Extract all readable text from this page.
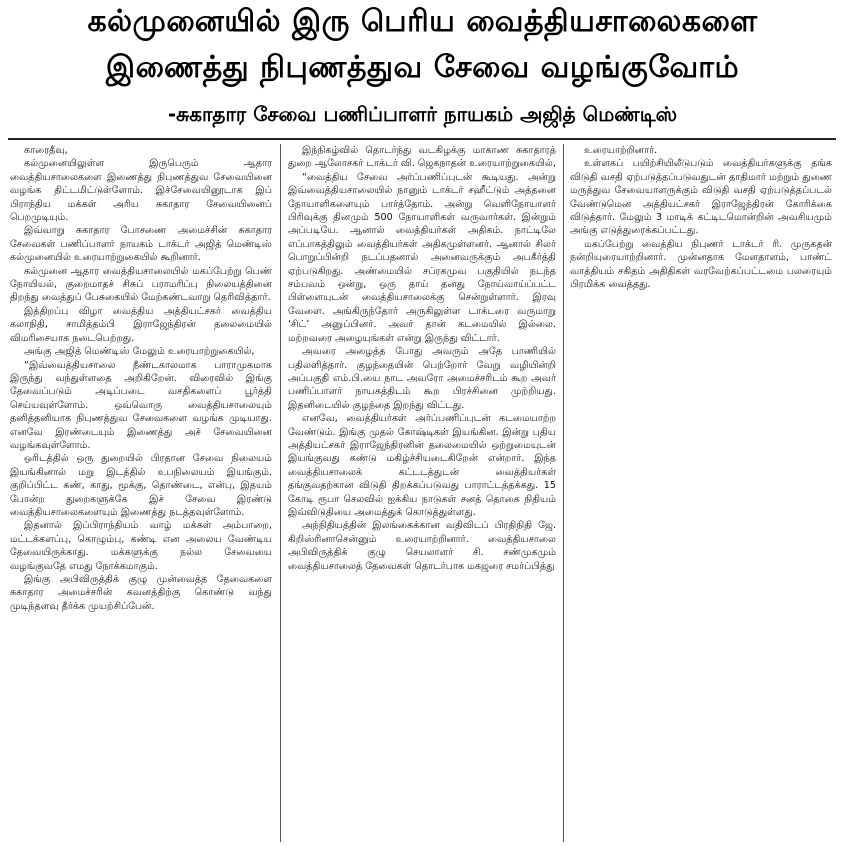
கல்முனையில் இரு பெரிய வைத்தியசாலைகளை
இணைத்து நிபுணத்துவ சேவை வழங்குவோம்
-சுகாதார சேவை பணிப்பாளர் நாயகம் அஜித் மெண்டிஸ்

காரைதீவு,

கல்முனையிலுள்ள இருபெரும் ஆதார வைத்தியசாலைகளை இணைத்து நிபுணத்துவ சேவையினை வழங்க திட்டமிட்டுள்ளோம். இச்சேவையினூடாக இப் பிராந்திய மக்கள் அரிய சுகாதார சேவையினைப் பெறமுடியும்.

இவ்வாறு சுகாதார போசணை அமைச்சின் சுகாதார சேவைகள் பணிப்பாளர் நாயகம் டாக்டர் அஜித் மெண்டிஸ் கல்முனையில் உரையாற்றுகையில் கூறினார்.

கல்முனை ஆதார வைத்தியசாலையில் மகப்பேற்று பெண் நோயியல், குறைமாதச் சிசுப் பராமரிப்பு நிலையத்தினை திறந்து வைத்துப் பேசுகையில் மேற்கண்டவாறு தெரிவித்தார்.

இத்திறப்பு விழா வைத்திய அத்தியட்சகர் வைத்திய கலாநிதி, சாமித்தம்பி இராஜேந்திரன் தலைமையில் விமரிசையாக நடைபெற்றது.

அங்கு அஜித் மெண்டிஸ் மேலும் உரையாற்றுகையில்,

“இவ்வைத்தியசாலை நீண்டகாலமாக பாராமுகமாக இருந்து வந்துள்ளதை அறிகிறேன். விரைவில் இங்கு தேவைப்படும் அடிப்படை வசதிகளைப் பூர்த்தி செய்யவுள்ளோம். ஒவ்வொரு வைத்தியசாலையும் தனித்தனியாக நிபுணத்துவ சேவைகளை வழங்க முடியாது. எனவே இரண்டையும் இணைத்து அச் சேவையினை வழங்கவுள்ளோம்.

ஒரிடத்தில் ஒரு துறையில் பிரதான சேவை நிலையம் இயங்கினால் மறு இடத்தில் உபநிலையம் இயங்கும். குறிப்பிட்ட கண், காது, மூக்கு, தொண்டை, என்பு, இதயம் போன்ற துறைகளுக்கே இச் சேவை இரண்டு வைத்தியசாலைகளையும் இணைத்து நடத்தவுள்ளோம்.

இதனால் இப்பிராந்தியம் வாழ் மக்கள் அம்பாறை, மட்டக்களப்பு, கொழும்பு, கண்டி என அலைய வேண்டிய தேவையிருக்காது. மக்களுக்கு நல்ல சேவையை வழங்குவதே எமது நோக்கமாகும்.

இங்கு அபிவிருத்திக் குழு முன்வைத்த தேவைகளை சுகாதார அமைச்சரின் கவனத்திற்கு கொண்டு வந்து முடிந்தளவு தீர்க்க முயற்சிப்பேன்.

இந்நிகழ்வில் தொடர்ந்து வடகிழக்கு மாகாண சுகாதாரத் துறை ஆலோசகர் டாக்டர் வி. ஜெகநாதன் உரையாற்றுகையில்,

“வைத்திய சேவை அர்ப்பணிப்புடன் கூடியது. அன்று இவ்வைத்தியசாலையில் நானும் டாக்டர் சஹீட்டும் அத்தனை நோயாளிகளையும் பார்த்தோம். அன்று வெளிநோயாளர் பிரிவுக்கு தினமும் 500 நோயாளிகள் வருவார்கள். இன்றும் அப்படியே. ஆனால் வைத்தியர்கள் அதிகம். நாட்டிலே எப்பாகத்திலும் வைத்தியர்கள் அதிகமுள்ளனர். ஆனால் சிலர் பொறுப்பின்றி நடப்பதனால் அனைவருக்கும் அபகீர்த்தி ஏற்படுகிறது. அண்மையில் சப்ரகமுவ பகுதியில் நடந்த சம்பவம் ஒன்று, ஒரு தாய் தனது நோய்வாய்ப்பட்ட பிள்ளையுடன் வைத்தியசாலைக்கு சென்றுள்ளார். இரவு வேளை. அங்கிருந்தோர் அருகிலுள்ள டாக்டரை வருமாறு ‘சிட்’ அனுப்பினர். அவர் தான் கடமையில் இல்லை. மற்றவரை அழையுங்கள் என்று இருந்து விட்டார்.

அவரை அழைத்த போது அவரும் அதே பாணியில் பதிலளித்தார். குழந்தையின் பெற்றோர் வேறு வழியின்றி அப்பகுதி எம்.பி.யை நாட அவரோ அமைச்சரிடம் கூற அவர் பணிப்பாளர் நாயகத்திடம் கூற பிரச்சினை முற்றியது. இதனிடையில் குழந்தை இறந்து விட்டது.

எனவே, வைத்தியர்கள் அர்ப்பணிப்புடன் கடமையாற்ற வேண்டும். இங்கு முதல் கோஷ்டிகள் இயங்கின. இன்று புதிய அத்தியட்சகர் இராஜேந்திரனின் தலைமையில் ஒற்றுமையுடன் இயங்குவது கண்டு மகிழ்ச்சியடைகிறேன் என்றார். இந்த வைத்தியசாலைக் கட்டடத்துடன் வைத்தியர்கள் தங்குவதற்கான விடுதி திறக்கப்படுவது பாராட்டத்தக்கது. 15 கோடி ரூபா செலவில் ஐக்கிய நாடுகள் சனத் தொகை நிதியம் இவ்விடுதியை அமைத்துக் கொடுத்துள்ளது.

அந்நிதியத்தின் இலங்கைக்கான வதிவிடப் பிரதிநிதி ஜே. கிறிஸ்ரினாசென்னும் உரையாற்றினார். வைத்தியசாலை அபிவிருத்திக் குழு செயலாளர் சி. சண்முகமும் வைத்தியசாலைத் தேவைகள் தொடர்பாக மகஜரை சமர்ப்பித்து

உரையாற்றினார்.

உள்ளகப் பயிற்சியிலீடுபடும் வைத்தியர்களுக்கு தங்க விடுதி வசதி ஏற்படுத்தப்படுவதுடன் தாதிமார் மற்றும் துணை மருத்துவ சேவையாளருக்கும் விடுதி வசதி ஏற்படுத்தப்படல் வேண்டுமென அத்தியட்சகர் இராஜேந்திரன் கோரிக்கை விடுத்தார். மேலும் 3 மாடிக் கட்டிடமொன்றின் அவசியமும் அங்கு எடுத்துரைக்கப்பட்டது.

மகப்பேற்று வைத்திய நிபுணர் டாக்டர் ரி. முருகதன் நன்றியுரையாற்றினார். முன்னதாக மேளதாளம், பாண்ட் வாத்தியம் சகிதம் அதிதிகள் வரவேற்கப்பட்டமை பலரையும் பிரமிக்க வைத்தது.
